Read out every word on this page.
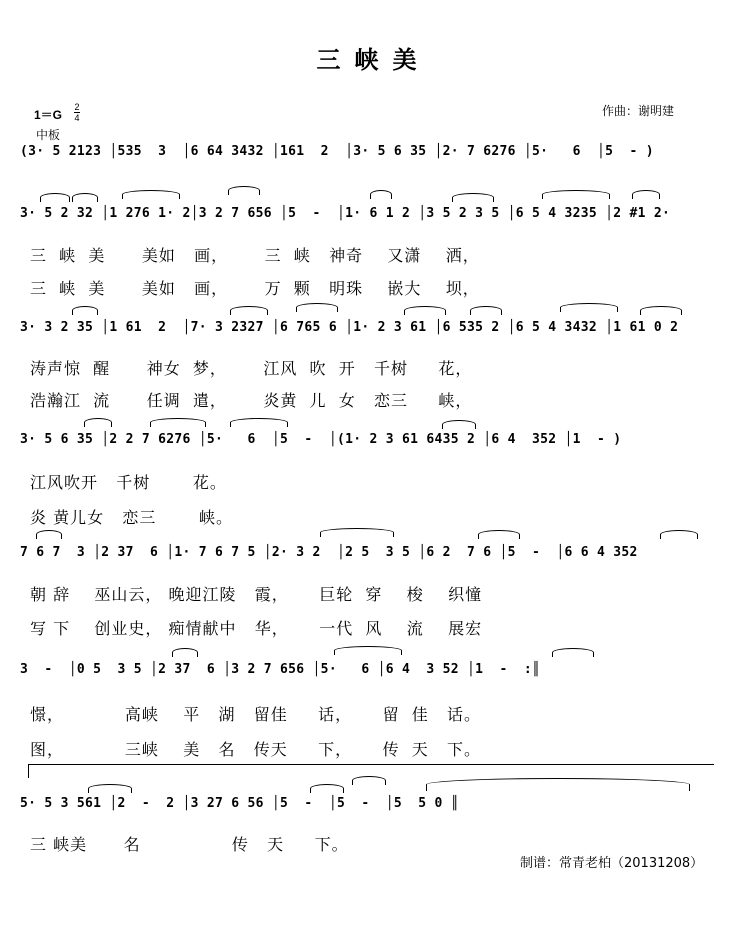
三峡美
1＝G
2
4
中板
作曲：谢明建
(3· 5 2123 │535  3  │6 64 3432 │161  2  │3· 5 6 35 │2· 7 6276 │5·   6  │5  - )
3· 5 2 32 │1 276 1· 2│3 2 7 656 │5  -  │1· 6 1 2 │3 5 2 3 5 │6 5 4 3235 │2 #1 2·
三  峡  美      美如   画，      三  峡   神奇    又潇    洒，
三  峡  美      美如   画，      万  颗   明珠    嵌大    坝，
3· 3 2 35 │1 61  2  │7· 3 2327 │6 765 6 │1· 2 3 61 │6 535 2 │6 5 4 3432 │1 61 0 2
涛声惊  醒      神女  梦，      江风  吹  开   千树     花，
浩瀚江  流      任调  遣，      炎黄  儿  女   恋三     峡，
3· 5 6 35 │2 2 7 6276 │5·   6  │5  -  │(1· 2 3 61 6435 2 │6 4  352 │1  - )
江风吹开   千树       花。
炎 黄儿女   恋三       峡。
7 6 7  3 │2 37  6 │1· 7 6 7 5 │2· 3 2  │2 5  3 5 │6 2  7 6 │5  -  │6 6 4 352
朝 辞    巫山云， 晚迎江陵   霞，     巨轮  穿    梭    织憧
写 下    创业史， 痴情献中   华，     一代  风    流    展宏
3  -  │0 5  3 5 │2 37  6 │3 2 7 656 │5·   6 │6 4  3 52 │1  -  :║
憬，          高峡    平   湖   留佳     话，     留  佳   话。
图，          三峡    美   名   传天     下，     传  天   下。
5· 5 3 561 │2  -  2 │3 27 6 56 │5  -  │5  -  │5  5 0 ║
三 峡美      名               传   天     下。
制谱：常青老柏（20131208）
